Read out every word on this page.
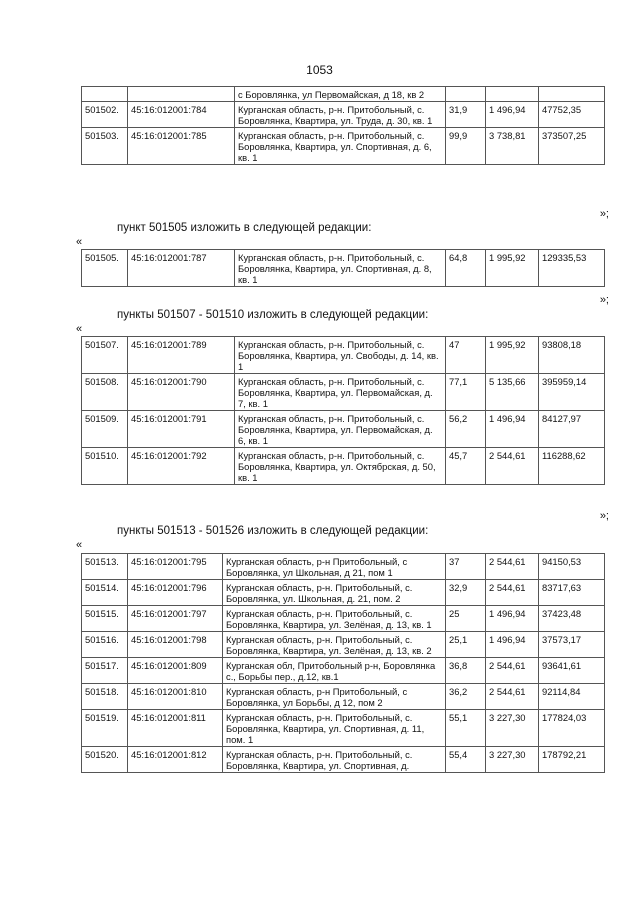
1053
		с Боровлянка, ул Первомайская, д 18, кв 2			
501502.	45:16:012001:784	Курганская область, р-н. Притобольный, с. Боровлянка, Квартира, ул. Труда, д. 30, кв. 1	31,9	1 496,94	47752,35
501503.	45:16:012001:785	Курганская область, р-н. Притобольный, с. Боровлянка, Квартира, ул. Спортивная, д. 6, кв. 1	99,9	3 738,81	373507,25
»;
пункт 501505 изложить в следующей редакции:
«
501505.	45:16:012001:787	Курганская область, р-н. Притобольный, с. Боровлянка, Квартира, ул. Спортивная, д. 8, кв. 1	64,8	1 995,92	129335,53
»;
пункты 501507 - 501510 изложить в следующей редакции:
«
501507.	45:16:012001:789	Курганская область, р-н. Притобольный, с. Боровлянка, Квартира, ул. Свободы, д. 14, кв. 1	47	1 995,92	93808,18
501508.	45:16:012001:790	Курганская область, р-н. Притобольный, с. Боровлянка, Квартира, ул. Первомайская, д. 7, кв. 1	77,1	5 135,66	395959,14
501509.	45:16:012001:791	Курганская область, р-н. Притобольный, с. Боровлянка, Квартира, ул. Первомайская, д. 6, кв. 1	56,2	1 496,94	84127,97
501510.	45:16:012001:792	Курганская область, р-н. Притобольный, с. Боровлянка, Квартира, ул. Октябрская, д. 50, кв. 1	45,7	2 544,61	116288,62
»;
пункты 501513 - 501526 изложить в следующей редакции:
«
501513.	45:16:012001:795	Курганская область, р-н Притобольный, с Боровлянка, ул Школьная, д 21, пом 1	37	2 544,61	94150,53
501514.	45:16:012001:796	Курганская область, р-н. Притобольный, с. Боровлянка, ул. Школьная, д. 21, пом. 2	32,9	2 544,61	83717,63
501515.	45:16:012001:797	Курганская область, р-н. Притобольный, с. Боровлянка, Квартира, ул. Зелёная, д. 13, кв. 1	25	1 496,94	37423,48
501516.	45:16:012001:798	Курганская область, р-н. Притобольный, с. Боровлянка, Квартира, ул. Зелёная, д. 13, кв. 2	25,1	1 496,94	37573,17
501517.	45:16:012001:809	Курганская обл, Притобольный р-н, Боровлянка с., Борьбы пер., д.12, кв.1	36,8	2 544,61	93641,61
501518.	45:16:012001:810	Курганская область, р-н Притобольный, с Боровлянка, ул Борьбы, д 12, пом 2	36,2	2 544,61	92114,84
501519.	45:16:012001:811	Курганская область, р-н. Притобольный, с. Боровлянка, Квартира, ул. Спортивная, д. 11, пом. 1	55,1	3 227,30	177824,03
501520.	45:16:012001:812	Курганская область, р-н. Притобольный, с. Боровлянка, Квартира, ул. Спортивная, д.	55,4	3 227,30	178792,21
